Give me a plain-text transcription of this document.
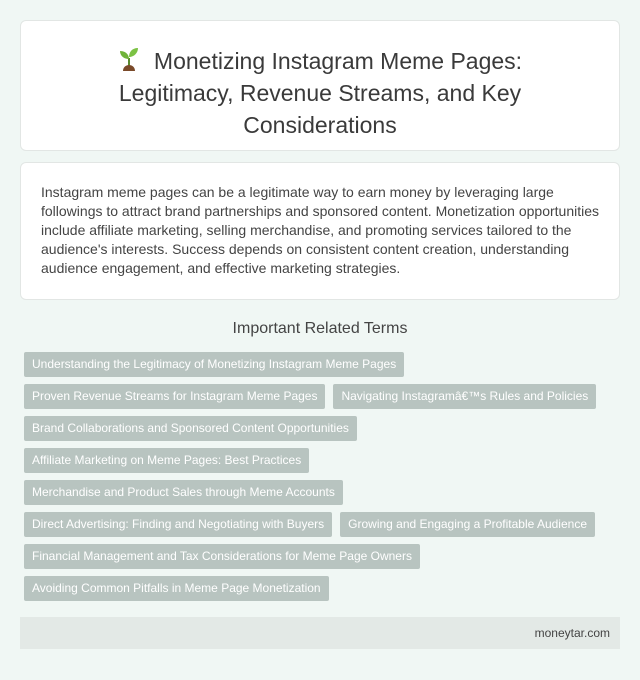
Monetizing Instagram Meme Pages: Legitimacy, Revenue Streams, and Key Considerations

Instagram meme pages can be a legitimate way to earn money by leveraging large followings to attract brand partnerships and sponsored content. Monetization opportunities include affiliate marketing, selling merchandise, and promoting services tailored to the audience's interests. Success depends on consistent content creation, understanding audience engagement, and effective marketing strategies.

Important Related Terms
Understanding the Legitimacy of Monetizing Instagram Meme Pages
Proven Revenue Streams for Instagram Meme Pages	Navigating Instagramâ€™s Rules and Policies
Brand Collaborations and Sponsored Content Opportunities
Affiliate Marketing on Meme Pages: Best Practices
Merchandise and Product Sales through Meme Accounts
Direct Advertising: Finding and Negotiating with Buyers	Growing and Engaging a Profitable Audience
Financial Management and Tax Considerations for Meme Page Owners
Avoiding Common Pitfalls in Meme Page Monetization
moneytar.com
